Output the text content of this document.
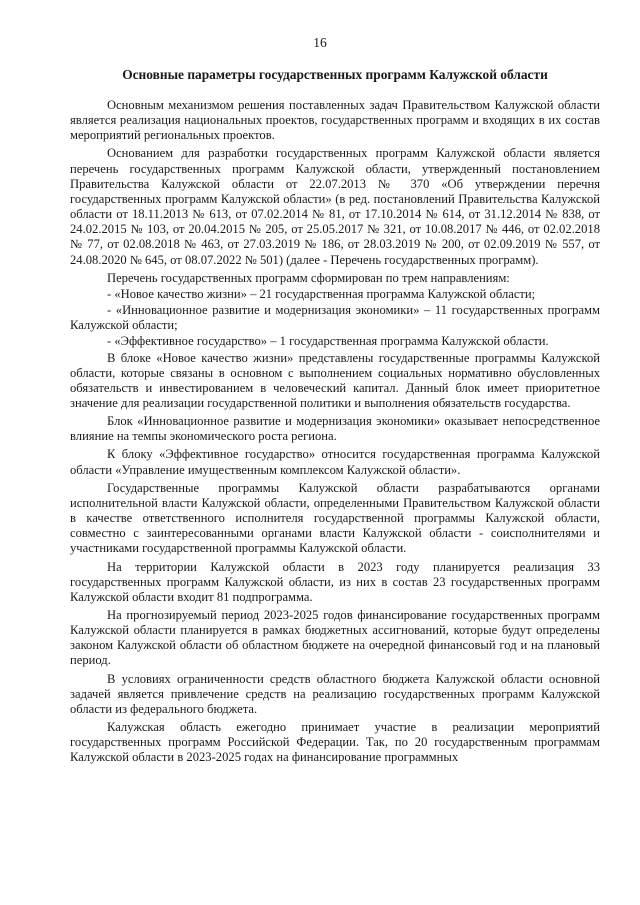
16
Основные параметры государственных программ Калужской области

Основным механизмом решения поставленных задач Правительством Калужской области является реализация национальных проектов, государственных программ и входящих в их состав мероприятий региональных проектов.

Основанием для разработки государственных программ Калужской области является перечень государственных программ Калужской области, утвержденный постановлением Правительства Калужской области от 22.07.2013 № 370 «Об утверждении перечня государственных программ Калужской области» (в ред. постановлений Правительства Калужской области от 18.11.2013 № 613, от 07.02.2014 № 81, от 17.10.2014 № 614, от 31.12.2014 № 838, от 24.02.2015 № 103, от 20.04.2015 № 205, от 25.05.2017 № 321, от 10.08.2017 № 446, от 02.02.2018 № 77, от 02.08.2018 № 463, от 27.03.2019 № 186, от 28.03.2019 № 200, от 02.09.2019 № 557, от 24.08.2020 № 645, от 08.07.2022 № 501) (далее - Перечень государственных программ).

Перечень государственных программ сформирован по трем направлениям:

- «Новое качество жизни» – 21 государственная программа Калужской области;

- «Инновационное развитие и модернизация экономики» – 11 государственных программ Калужской области;

- «Эффективное государство» – 1 государственная программа Калужской области.

В блоке «Новое качество жизни» представлены государственные программы Калужской области, которые связаны в основном с выполнением социальных нормативно обусловленных обязательств и инвестированием в человеческий капитал. Данный блок имеет приоритетное значение для реализации государственной политики и выполнения обязательств государства.

Блок «Инновационное развитие и модернизация экономики» оказывает непосредственное влияние на темпы экономического роста региона.

К блоку «Эффективное государство» относится государственная программа Калужской области «Управление имущественным комплексом Калужской области».

Государственные программы Калужской области разрабатываются органами исполнительной власти Калужской области, определенными Правительством Калужской области в качестве ответственного исполнителя государственной программы Калужской области, совместно с заинтересованными органами власти Калужской области - соисполнителями и участниками государственной программы Калужской области.

На территории Калужской области в 2023 году планируется реализация 33 государственных программ Калужской области, из них в состав 23 государственных программ Калужской области входит 81 подпрограмма.

На прогнозируемый период 2023-2025 годов финансирование государственных программ Калужской области планируется в рамках бюджетных ассигнований, которые будут определены законом Калужской области об областном бюджете на очередной финансовый год и на плановый период.

В условиях ограниченности средств областного бюджета Калужской области основной задачей является привлечение средств на реализацию государственных программ Калужской области из федерального бюджета.

Калужская область ежегодно принимает участие в реализации мероприятий государственных программ Российской Федерации. Так, по 20 государственным программам Калужской области в 2023-2025 годах на финансирование программных
